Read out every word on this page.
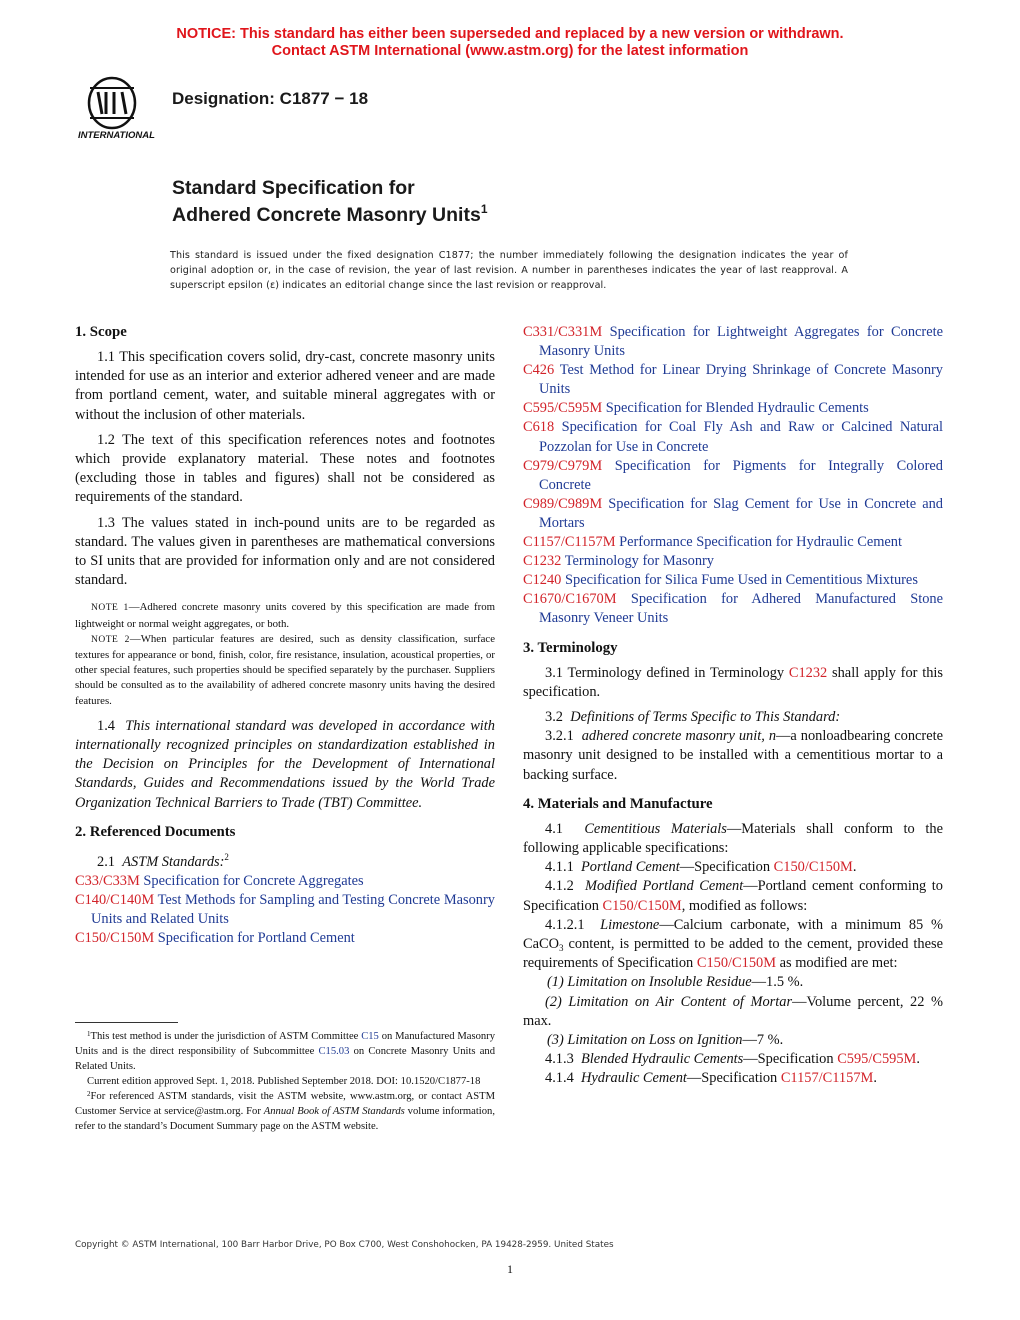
NOTICE: This standard has either been superseded and replaced by a new version or withdrawn.
Contact ASTM International (www.astm.org) for the latest information
INTERNATIONAL
Designation: C1877 − 18
Standard Specification for
Adhered Concrete Masonry Units$^1$
This standard is issued under the fixed designation C1877; the number immediately following the designation indicates the year of original adoption or, in the case of revision, the year of last revision. A number in parentheses indicates the year of last reapproval. A superscript epsilon (ε) indicates an editorial change since the last revision or reapproval.
1. Scope

1.1 This specification covers solid, dry-cast, concrete masonry units intended for use as an interior and exterior adhered veneer and are made from portland cement, water, and suitable mineral aggregates with or without the inclusion of other materials.

1.2 The text of this specification references notes and footnotes which provide explanatory material. These notes and footnotes (excluding those in tables and figures) shall not be considered as requirements of the standard.

1.3 The values stated in inch-pound units are to be regarded as standard. The values given in parentheses are mathematical conversions to SI units that are provided for information only and are not considered standard.

NOTE 1—Adhered concrete masonry units covered by this specification are made from lightweight or normal weight aggregates, or both.

NOTE 2—When particular features are desired, such as density classification, surface textures for appearance or bond, finish, color, fire resistance, insulation, acoustical properties, or other special features, such properties should be specified separately by the purchaser. Suppliers should be consulted as to the availability of adhered concrete masonry units having the desired features.

1.4 This international standard was developed in accordance with internationally recognized principles on standardization established in the Decision on Principles for the Development of International Standards, Guides and Recommendations issued by the World Trade Organization Technical Barriers to Trade (TBT) Committee.

2. Referenced Documents

2.1 ASTM Standards:$^2$

C33/C33M Specification for Concrete Aggregates

C140/C140M Test Methods for Sampling and Testing Concrete Masonry Units and Related Units

C150/C150M Specification for Portland Cement

$^1$This test method is under the jurisdiction of ASTM Committee C15 on Manufactured Masonry Units and is the direct responsibility of Subcommittee C15.03 on Concrete Masonry Units and Related Units.

Current edition approved Sept. 1, 2018. Published September 2018. DOI: 10.1520/C1877-18

$^2$For referenced ASTM standards, visit the ASTM website, www.astm.org, or contact ASTM Customer Service at service@astm.org. For Annual Book of ASTM Standards volume information, refer to the standard’s Document Summary page on the ASTM website.

C331/C331M Specification for Lightweight Aggregates for Concrete Masonry Units

C426 Test Method for Linear Drying Shrinkage of Concrete Masonry Units

C595/C595M Specification for Blended Hydraulic Cements

C618 Specification for Coal Fly Ash and Raw or Calcined Natural Pozzolan for Use in Concrete

C979/C979M Specification for Pigments for Integrally Colored Concrete

C989/C989M Specification for Slag Cement for Use in Concrete and Mortars

C1157/C1157M Performance Specification for Hydraulic Cement

C1232 Terminology for Masonry

C1240 Specification for Silica Fume Used in Cementitious Mixtures

C1670/C1670M Specification for Adhered Manufactured Stone Masonry Veneer Units

3. Terminology

3.1 Terminology defined in Terminology C1232 shall apply for this specification.

3.2 Definitions of Terms Specific to This Standard:

3.2.1 adhered concrete masonry unit, n—a nonloadbearing concrete masonry unit designed to be installed with a cementitious mortar to a backing surface.

4. Materials and Manufacture

4.1 Cementitious Materials—Materials shall conform to the following applicable specifications:

4.1.1 Portland Cement—Specification C150/C150M.

4.1.2 Modified Portland Cement—Portland cement conforming to Specification C150/C150M, modified as follows:

4.1.2.1 Limestone—Calcium carbonate, with a minimum 85 % CaCO$_3$ content, is permitted to be added to the cement, provided these requirements of Specification C150/C150M as modified are met:

(1) Limitation on Insoluble Residue—1.5 %.

(2) Limitation on Air Content of Mortar—Volume percent, 22 % max.

(3) Limitation on Loss on Ignition—7 %.

4.1.3 Blended Hydraulic Cements—Specification C595/C595M.

4.1.4 Hydraulic Cement—Specification C1157/C1157M.

Copyright © ASTM International, 100 Barr Harbor Drive, PO Box C700, West Conshohocken, PA 19428-2959. United States
1
